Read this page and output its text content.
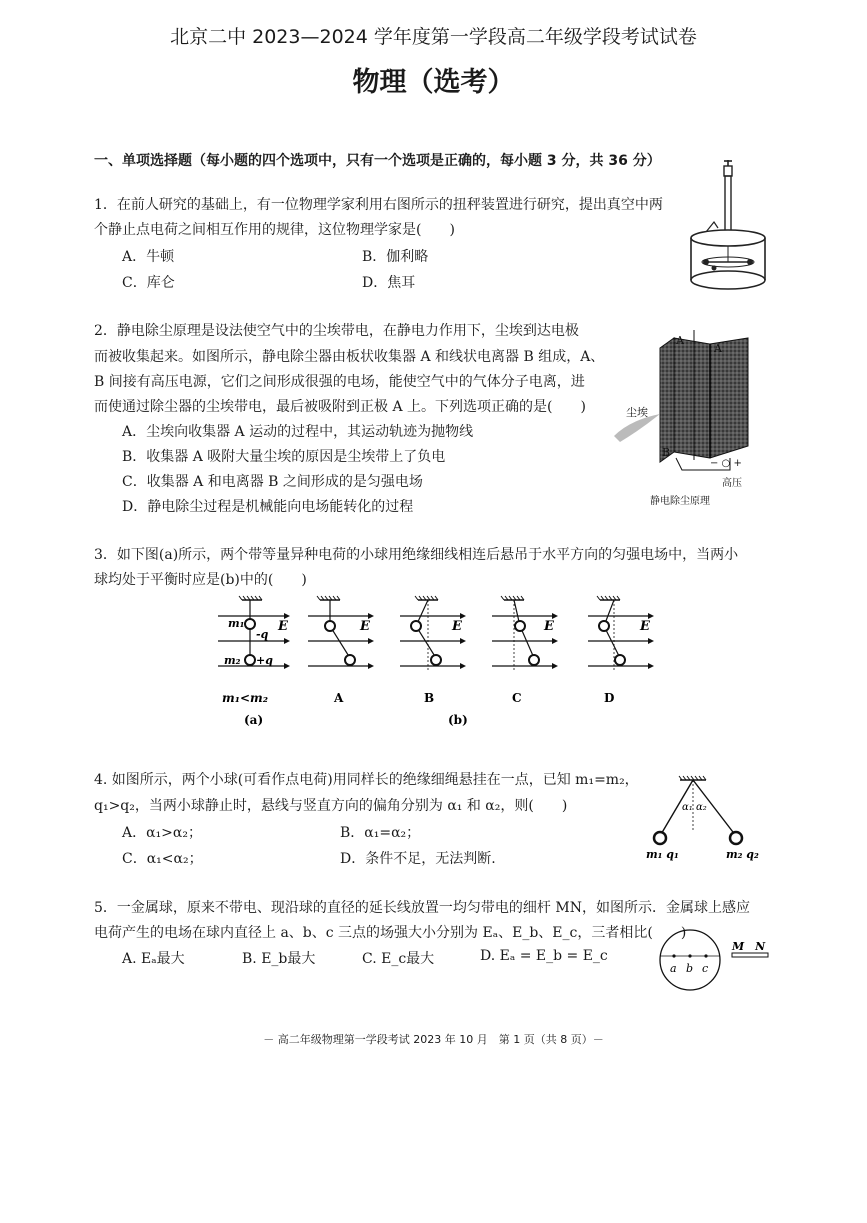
北京二中 2023—2024 学年度第一学段高二年级学段考试试卷
物理（选考）
一、单项选择题（每小题的四个选项中，只有一个选项是正确的，每小题 3 分，共 36 分）
1．在前人研究的基础上，有一位物理学家利用右图所示的扭秤装置进行研究，提出真空中两
个静止点电荷之间相互作用的规律，这位物理学家是(　　)
A．牛顿	B．伽利略
C．库仑	D．焦耳
2．静电除尘原理是设法使空气中的尘埃带电，在静电力作用下，尘埃到达电极
而被收集起来。如图所示，静电除尘器由板状收集器 A 和线状电离器 B 组成，A、
B 间接有高压电源，它们之间形成很强的电场，能使空气中的气体分子电离，进
而使通过除尘器的尘埃带电，最后被吸附到正极 A 上。下列选项正确的是(　　)
A．尘埃向收集器 A 运动的过程中，其运动轨迹为抛物线
B．收集器 A 吸附大量尘埃的原因是尘埃带上了负电
C．收集器 A 和电离器 B 之间形成的是匀强电场
D．静电除尘过程是机械能向电场能转化的过程
A
A
尘埃
B
− ○ +
高压
静电除尘原理
3．如下图(a)所示，两个带等量异种电荷的小球用绝缘细线相连后悬吊于水平方向的匀强电场中，当两小
球均处于平衡时应是(b)中的(　　)
m₁
m₂
-q
+q
E
m₁<m₂
(a)
E
A
E
B
(b)
E
C
E
D
4. 如图所示，两个小球(可看作点电荷)用同样长的绝缘细绳悬挂在一点，已知 m₁=m₂，
q₁>q₂，当两小球静止时，悬线与竖直方向的偏角分别为 α₁ 和 α₂，则(　　)
A．α₁>α₂；	B．α₁=α₂；
C．α₁<α₂；	D．条件不足，无法判断.
α₁ α₂
m₁ q₁	m₂ q₂
5．一金属球，原来不带电、现沿球的直径的延长线放置一均匀带电的细杆 MN，如图所示．金属球上感应
电荷产生的电场在球内直径上 a、b、c 三点的场强大小分别为 Eₐ、E_b、E_c，三者相比(　　)
A. Eₐ最大	B. E_b最大	C. E_c最大	D. Eₐ = E_b = E_c
a b c
M　N
－ 高二年级物理第一学段考试 2023 年 10 月　第 1 页（共 8 页）－
